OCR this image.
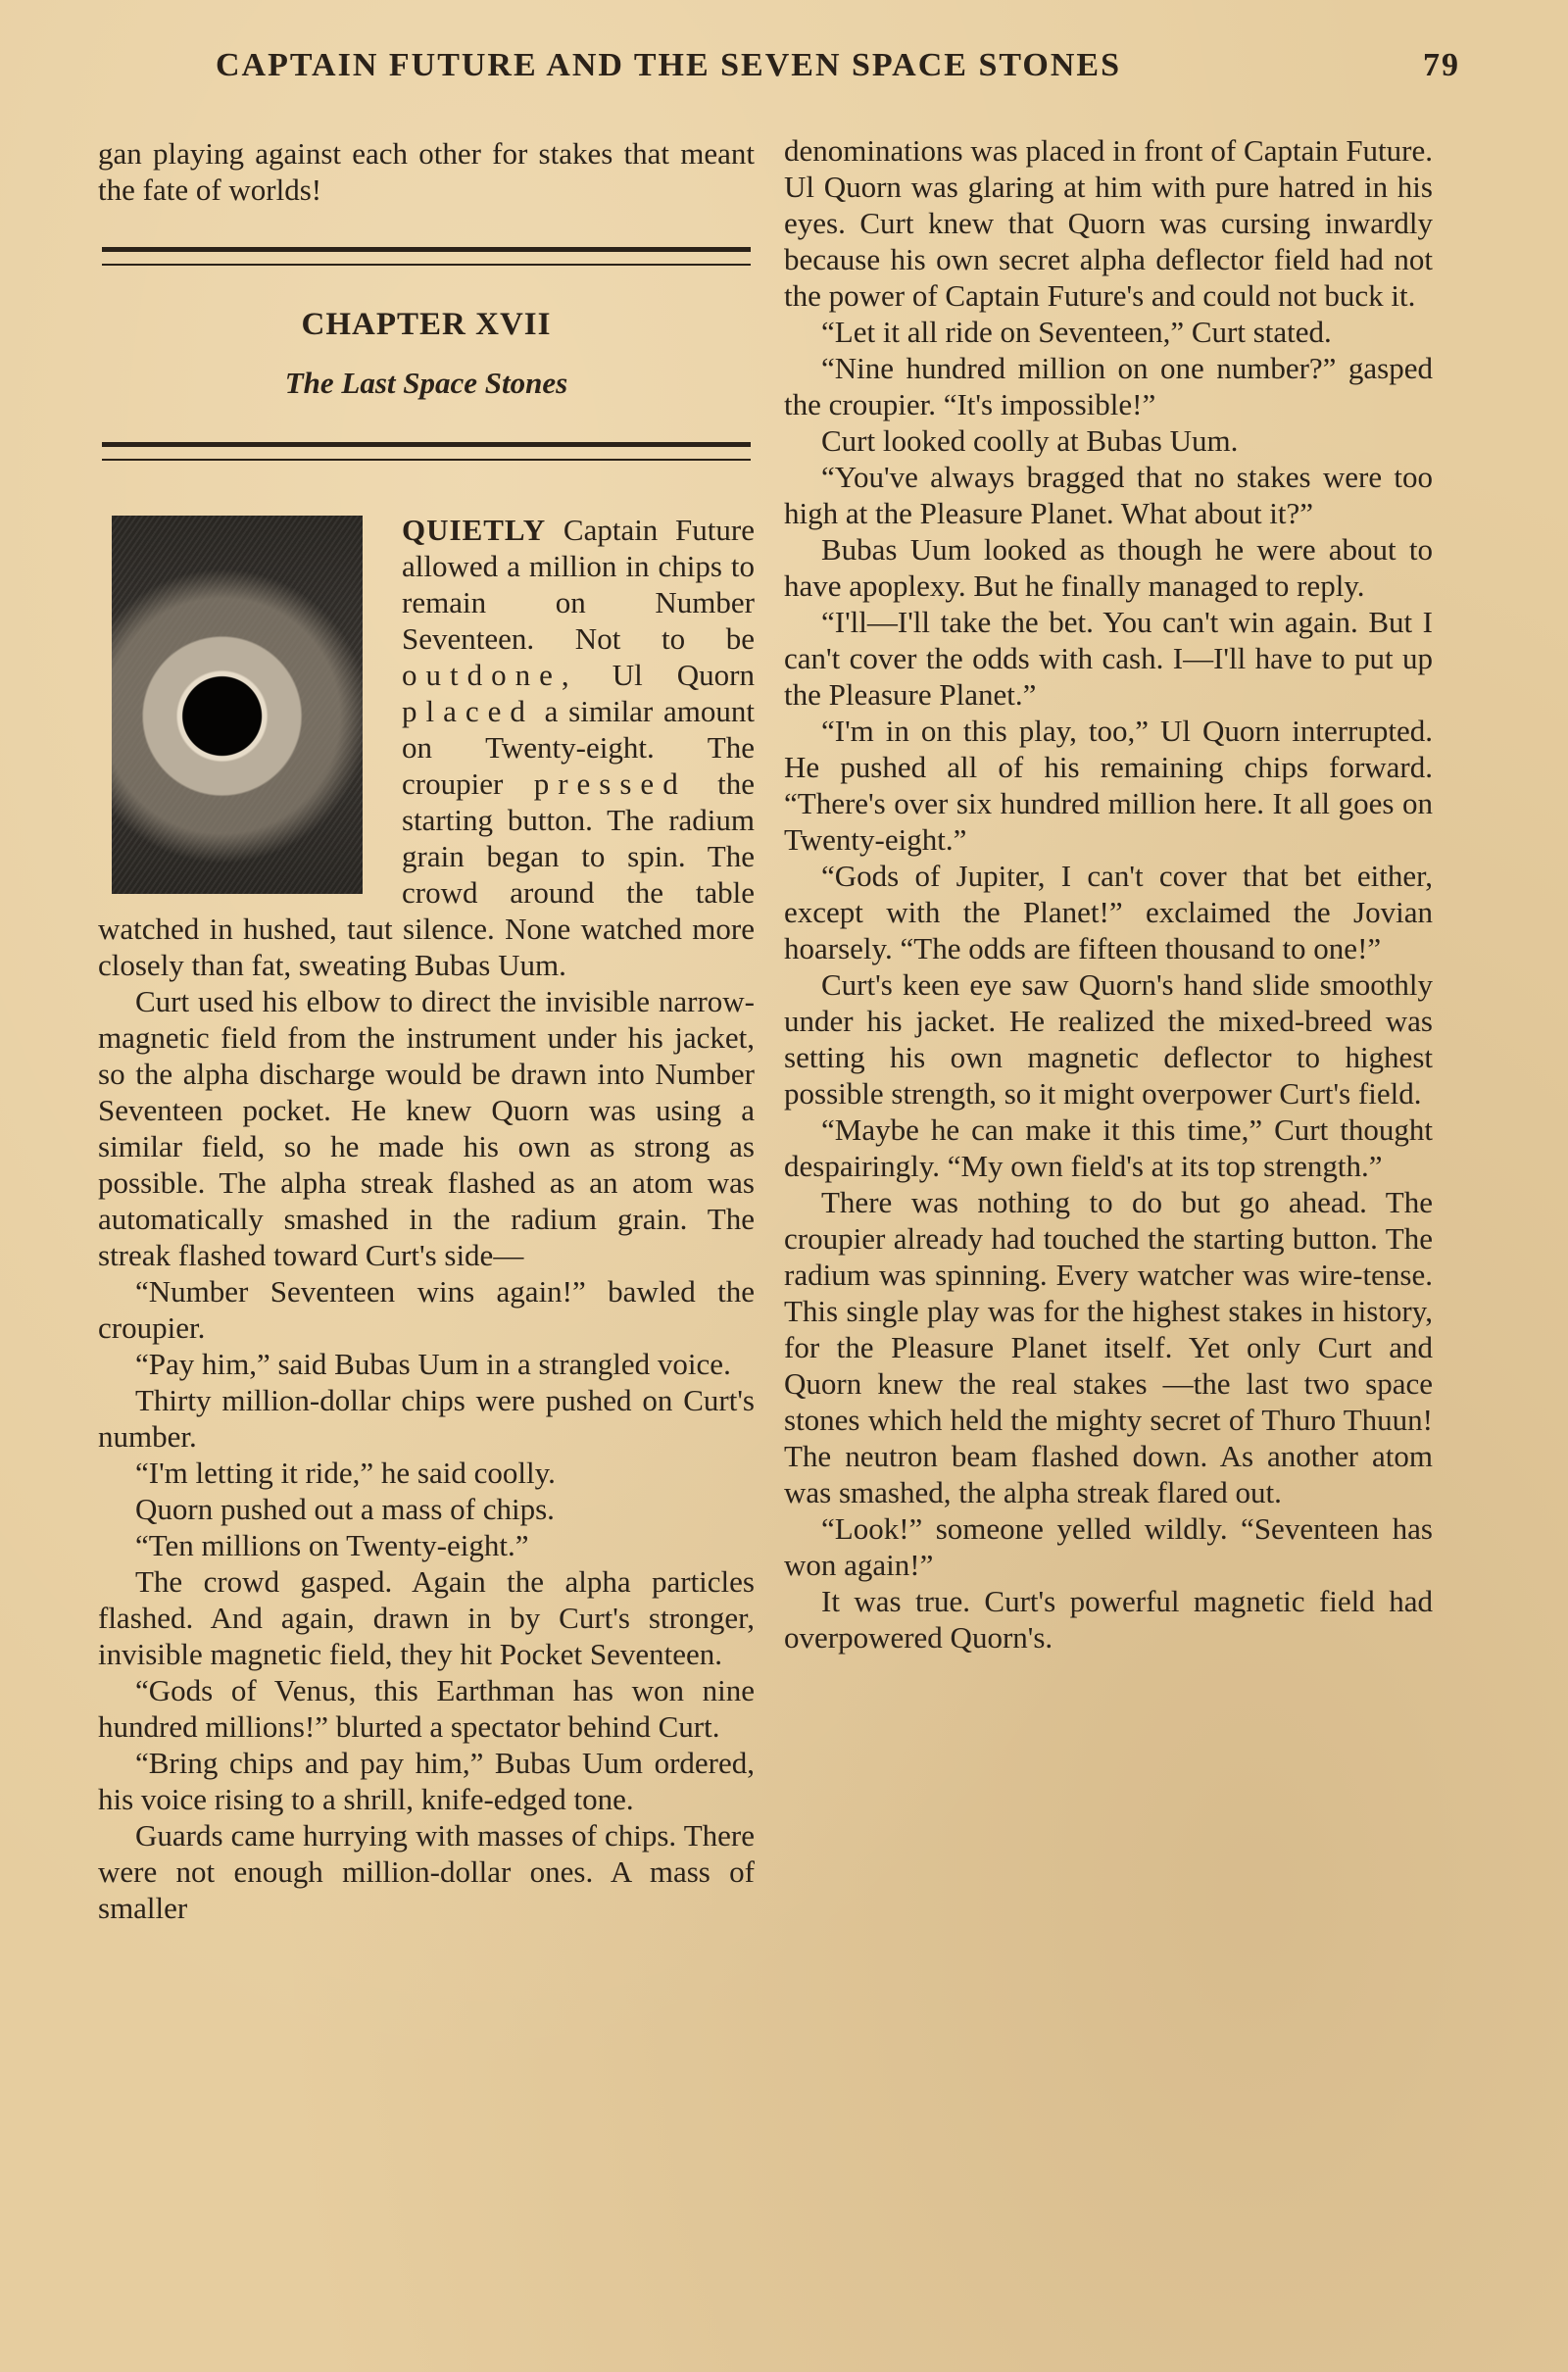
CAPTAIN FUTURE AND THE SEVEN SPACE STONES	79

gan playing against each other for stakes that meant the fate of worlds!

CHAPTER XVII
The Last Space Stones

QUIETLY Captain Future allowed a million in chips to remain on Number Seventeen. Not to be outdone, Ul Quorn placed a similar amount on Twenty-eight. The croupier pressed the starting button. The radium grain began to spin. The crowd around the table watched in hushed, taut silence. None watched more closely than fat, sweating Bubas Uum.

Curt used his elbow to direct the invisible narrow-magnetic field from the instrument under his jacket, so the alpha discharge would be drawn into Number Seventeen pocket. He knew Quorn was using a similar field, so he made his own as strong as possible. The alpha streak flashed as an atom was automatically smashed in the radium grain. The streak flashed toward Curt's side—

“Number Seventeen wins again!” bawled the croupier.

“Pay him,” said Bubas Uum in a strangled voice.

Thirty million-dollar chips were pushed on Curt's number.

“I'm letting it ride,” he said coolly.

Quorn pushed out a mass of chips.

“Ten millions on Twenty-eight.”

The crowd gasped. Again the alpha particles flashed. And again, drawn in by Curt's stronger, invisible magnetic field, they hit Pocket Seventeen.

“Gods of Venus, this Earthman has won nine hundred millions!” blurted a spectator behind Curt.

“Bring chips and pay him,” Bubas Uum ordered, his voice rising to a shrill, knife-edged tone.

Guards came hurrying with masses of chips. There were not enough million-dollar ones. A mass of smaller

denominations was placed in front of Captain Future. Ul Quorn was glaring at him with pure hatred in his eyes. Curt knew that Quorn was cursing inwardly because his own secret alpha deflector field had not the power of Captain Future's and could not buck it.

“Let it all ride on Seventeen,” Curt stated.

“Nine hundred million on one number?” gasped the croupier. “It's impossible!”

Curt looked coolly at Bubas Uum.

“You've always bragged that no stakes were too high at the Pleasure Planet. What about it?”

Bubas Uum looked as though he were about to have apoplexy. But he finally managed to reply.

“I'll—I'll take the bet. You can't win again. But I can't cover the odds with cash. I—I'll have to put up the Pleasure Planet.”

“I'm in on this play, too,” Ul Quorn interrupted. He pushed all of his remaining chips forward. “There's over six hundred million here. It all goes on Twenty-eight.”

“Gods of Jupiter, I can't cover that bet either, except with the Planet!” exclaimed the Jovian hoarsely. “The odds are fifteen thousand to one!”

Curt's keen eye saw Quorn's hand slide smoothly under his jacket. He realized the mixed-breed was setting his own magnetic deflector to highest possible strength, so it might overpower Curt's field.

“Maybe he can make it this time,” Curt thought despairingly. “My own field's at its top strength.”

There was nothing to do but go ahead. The croupier already had touched the starting button. The radium was spinning. Every watcher was wire-tense. This single play was for the highest stakes in history, for the Pleasure Planet itself. Yet only Curt and Quorn knew the real stakes —the last two space stones which held the mighty secret of Thuro Thuun! The neutron beam flashed down. As another atom was smashed, the alpha streak flared out.

“Look!” someone yelled wildly. “Seventeen has won again!”

It was true. Curt's powerful magnetic field had overpowered Quorn's.
